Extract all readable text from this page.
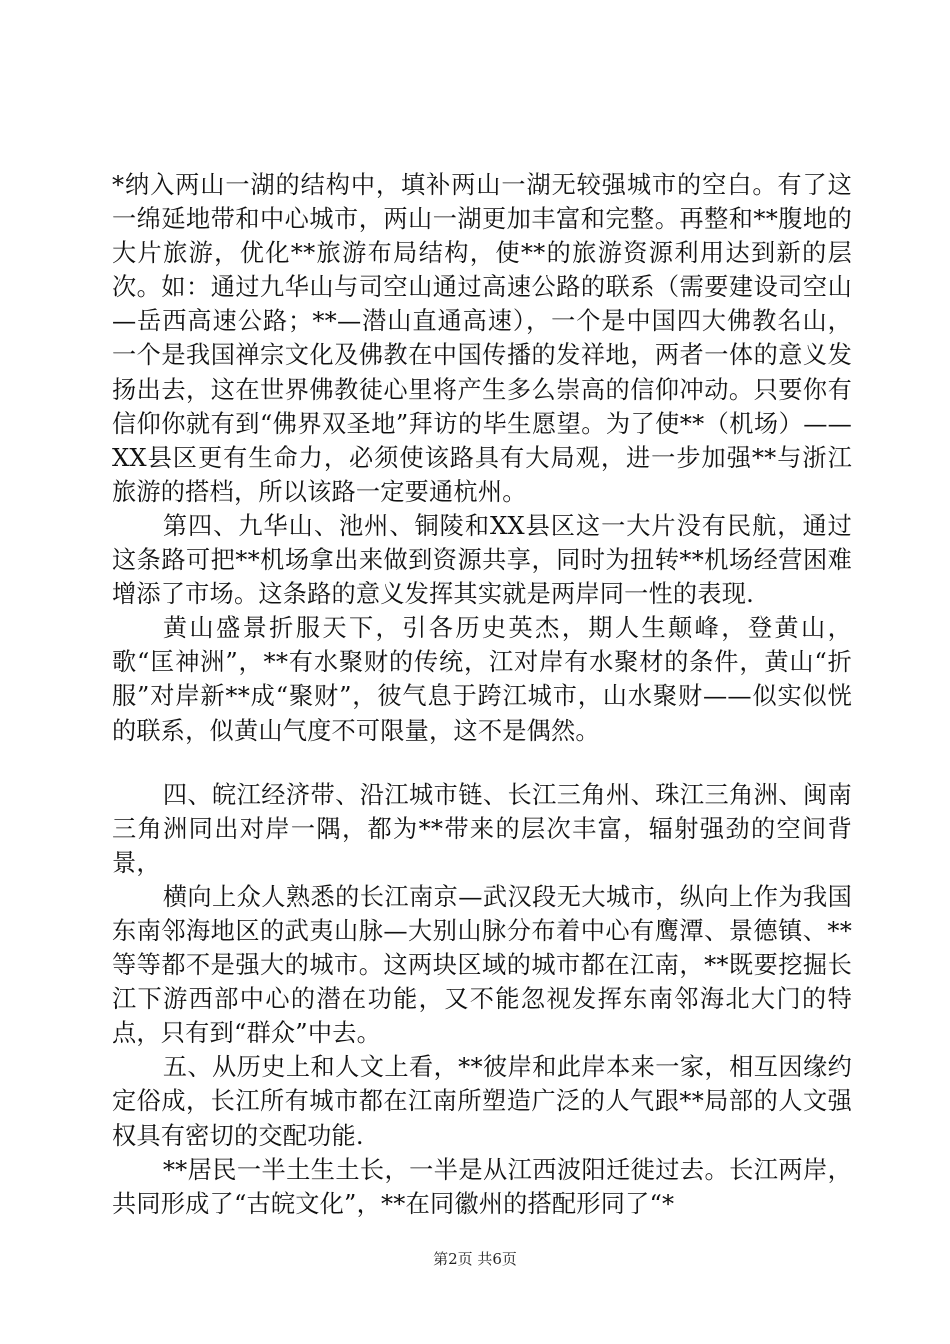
*纳入两山一湖的结构中，填补两山一湖无较强城市的空白。有了这一绵延地带和中心城市，两山一湖更加丰富和完整。再整和**腹地的大片旅游，优化**旅游布局结构，使**的旅游资源利用达到新的层次。如：通过九华山与司空山通过高速公路的联系（需要建设司空山—岳西高速公路；**—潜山直通高速），一个是中国四大佛教名山，一个是我国禅宗文化及佛教在中国传播的发祥地，两者一体的意义发扬出去，这在世界佛教徒心里将产生多么崇高的信仰冲动。只要你有信仰你就有到“佛界双圣地”拜访的毕生愿望。为了使**（机场）——XX县区更有生命力，必须使该路具有大局观，进一步加强**与浙江旅游的搭档，所以该路一定要通杭州。

第四、九华山、池州、铜陵和XX县区这一大片没有民航，通过这条路可把**机场拿出来做到资源共享，同时为扭转**机场经营困难增添了市场。这条路的意义发挥其实就是两岸同一性的表现.

黄山盛景折服天下，引各历史英杰，期人生颠峰，登黄山，歌“匡神洲”，**有水聚财的传统，江对岸有水聚材的条件，黄山“折服”对岸新**成“聚财”，彼气息于跨江城市，山水聚财——似实似恍的联系，似黄山气度不可限量，这不是偶然。

四、皖江经济带、沿江城市链、长江三角州、珠江三角洲、闽南三角洲同出对岸一隅，都为**带来的层次丰富，辐射强劲的空间背景，

横向上众人熟悉的长江南京—武汉段无大城市，纵向上作为我国东南邻海地区的武夷山脉—大别山脉分布着中心有鹰潭、景德镇、**等等都不是强大的城市。这两块区域的城市都在江南，**既要挖掘长江下游西部中心的潜在功能，又不能忽视发挥东南邻海北大门的特点，只有到“群众”中去。

五、从历史上和人文上看，**彼岸和此岸本来一家，相互因缘约定俗成，长江所有城市都在江南所塑造广泛的人气跟**局部的人文强权具有密切的交配功能.

**居民一半土生土长，一半是从江西波阳迁徙过去。长江两岸，共同形成了“古皖文化”，**在同徽州的搭配形同了“*

第2页 共6页
